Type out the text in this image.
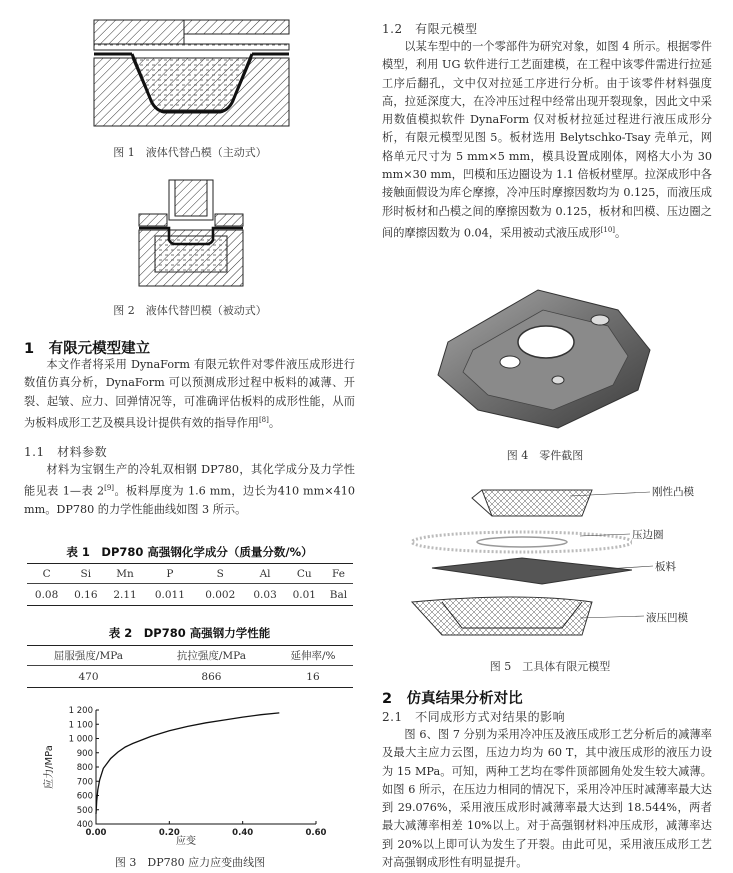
图 1　液体代替凸模（主动式）
图 2　液体代替凹模（被动式）
1　有限元模型建立

本文作者将采用 DynaForm 有限元软件对零件液压成形进行数值仿真分析，DynaForm 可以预测成形过程中板料的减薄、开裂、起皱、应力、回弹情况等，可准确评估板料的成形性能，从而为板料成形工艺及模具设计提供有效的指导作用[8]。

1.1　材料参数

材料为宝钢生产的冷轧双相钢 DP780，其化学成分及力学性能见表 1—表 2[9]。板料厚度为 1.6 mm，边长为410 mm×410 mm。DP780 的力学性能曲线如图 3 所示。

表 1　DP780 高强钢化学成分（质量分数/%）
C	Si	Mn	P	S	Al	Cu	Fe
0.08	0.16	2.11	0.011	0.002	0.03	0.01	Bal
表 2　DP780 高强钢力学性能
屈服强度/MPa	抗拉强度/MPa	延伸率/%
470	866	16
400
500
600
700
800
900
1 000
1 100
1 200
0.00	0.20	0.40	0.60
应力/MPa
应变
图 3　DP780 应力应变曲线图
1.2　有限元模型

以某车型中的一个零部件为研究对象，如图 4 所示。根据零件模型，利用 UG 软件进行工艺面建模，在工程中该零件需进行拉延工序后翻孔，文中仅对拉延工序进行分析。由于该零件材料强度高，拉延深度大，在冷冲压过程中经常出现开裂现象，因此文中采用数值模拟软件 DynaForm 仅对板材拉延过程进行液压成形分析，有限元模型见图 5。板材选用 Belytschko-Tsay 壳单元，网格单元尺寸为 5 mm×5 mm，模具设置成刚体，网格大小为 30 mm×30 mm，凹模和压边圈设为 1.1 倍板材壁厚。拉深成形中各接触面假设为库仑摩擦，冷冲压时摩擦因数均为 0.125，而液压成形时板材和凸模之间的摩擦因数为 0.125，板材和凹模、压边圈之间的摩擦因数为 0.04，采用被动式液压成形[10]。

图 4　零件截图
刚性凸模
压边圈
板料
液压凹模
图 5　工具体有限元模型
2　仿真结果分析对比
2.1　不同成形方式对结果的影响

图 6、图 7 分别为采用冷冲压及液压成形工艺分析后的减薄率及最大主应力云图，压边力均为 60 T，其中液压成形的液压力设为 15 MPa。可知，两种工艺均在零件顶部圆角处发生较大减薄。如图 6 所示，在压边力相同的情况下，采用冷冲压时减薄率最大达到 29.076%，采用液压成形时减薄率最大达到 18.544%，两者最大减薄率相差 10%以上。对于高强钢材料冲压成形，减薄率达到 20%以上即可认为发生了开裂。由此可见，采用液压成形工艺对高强钢成形性有明显提升。
